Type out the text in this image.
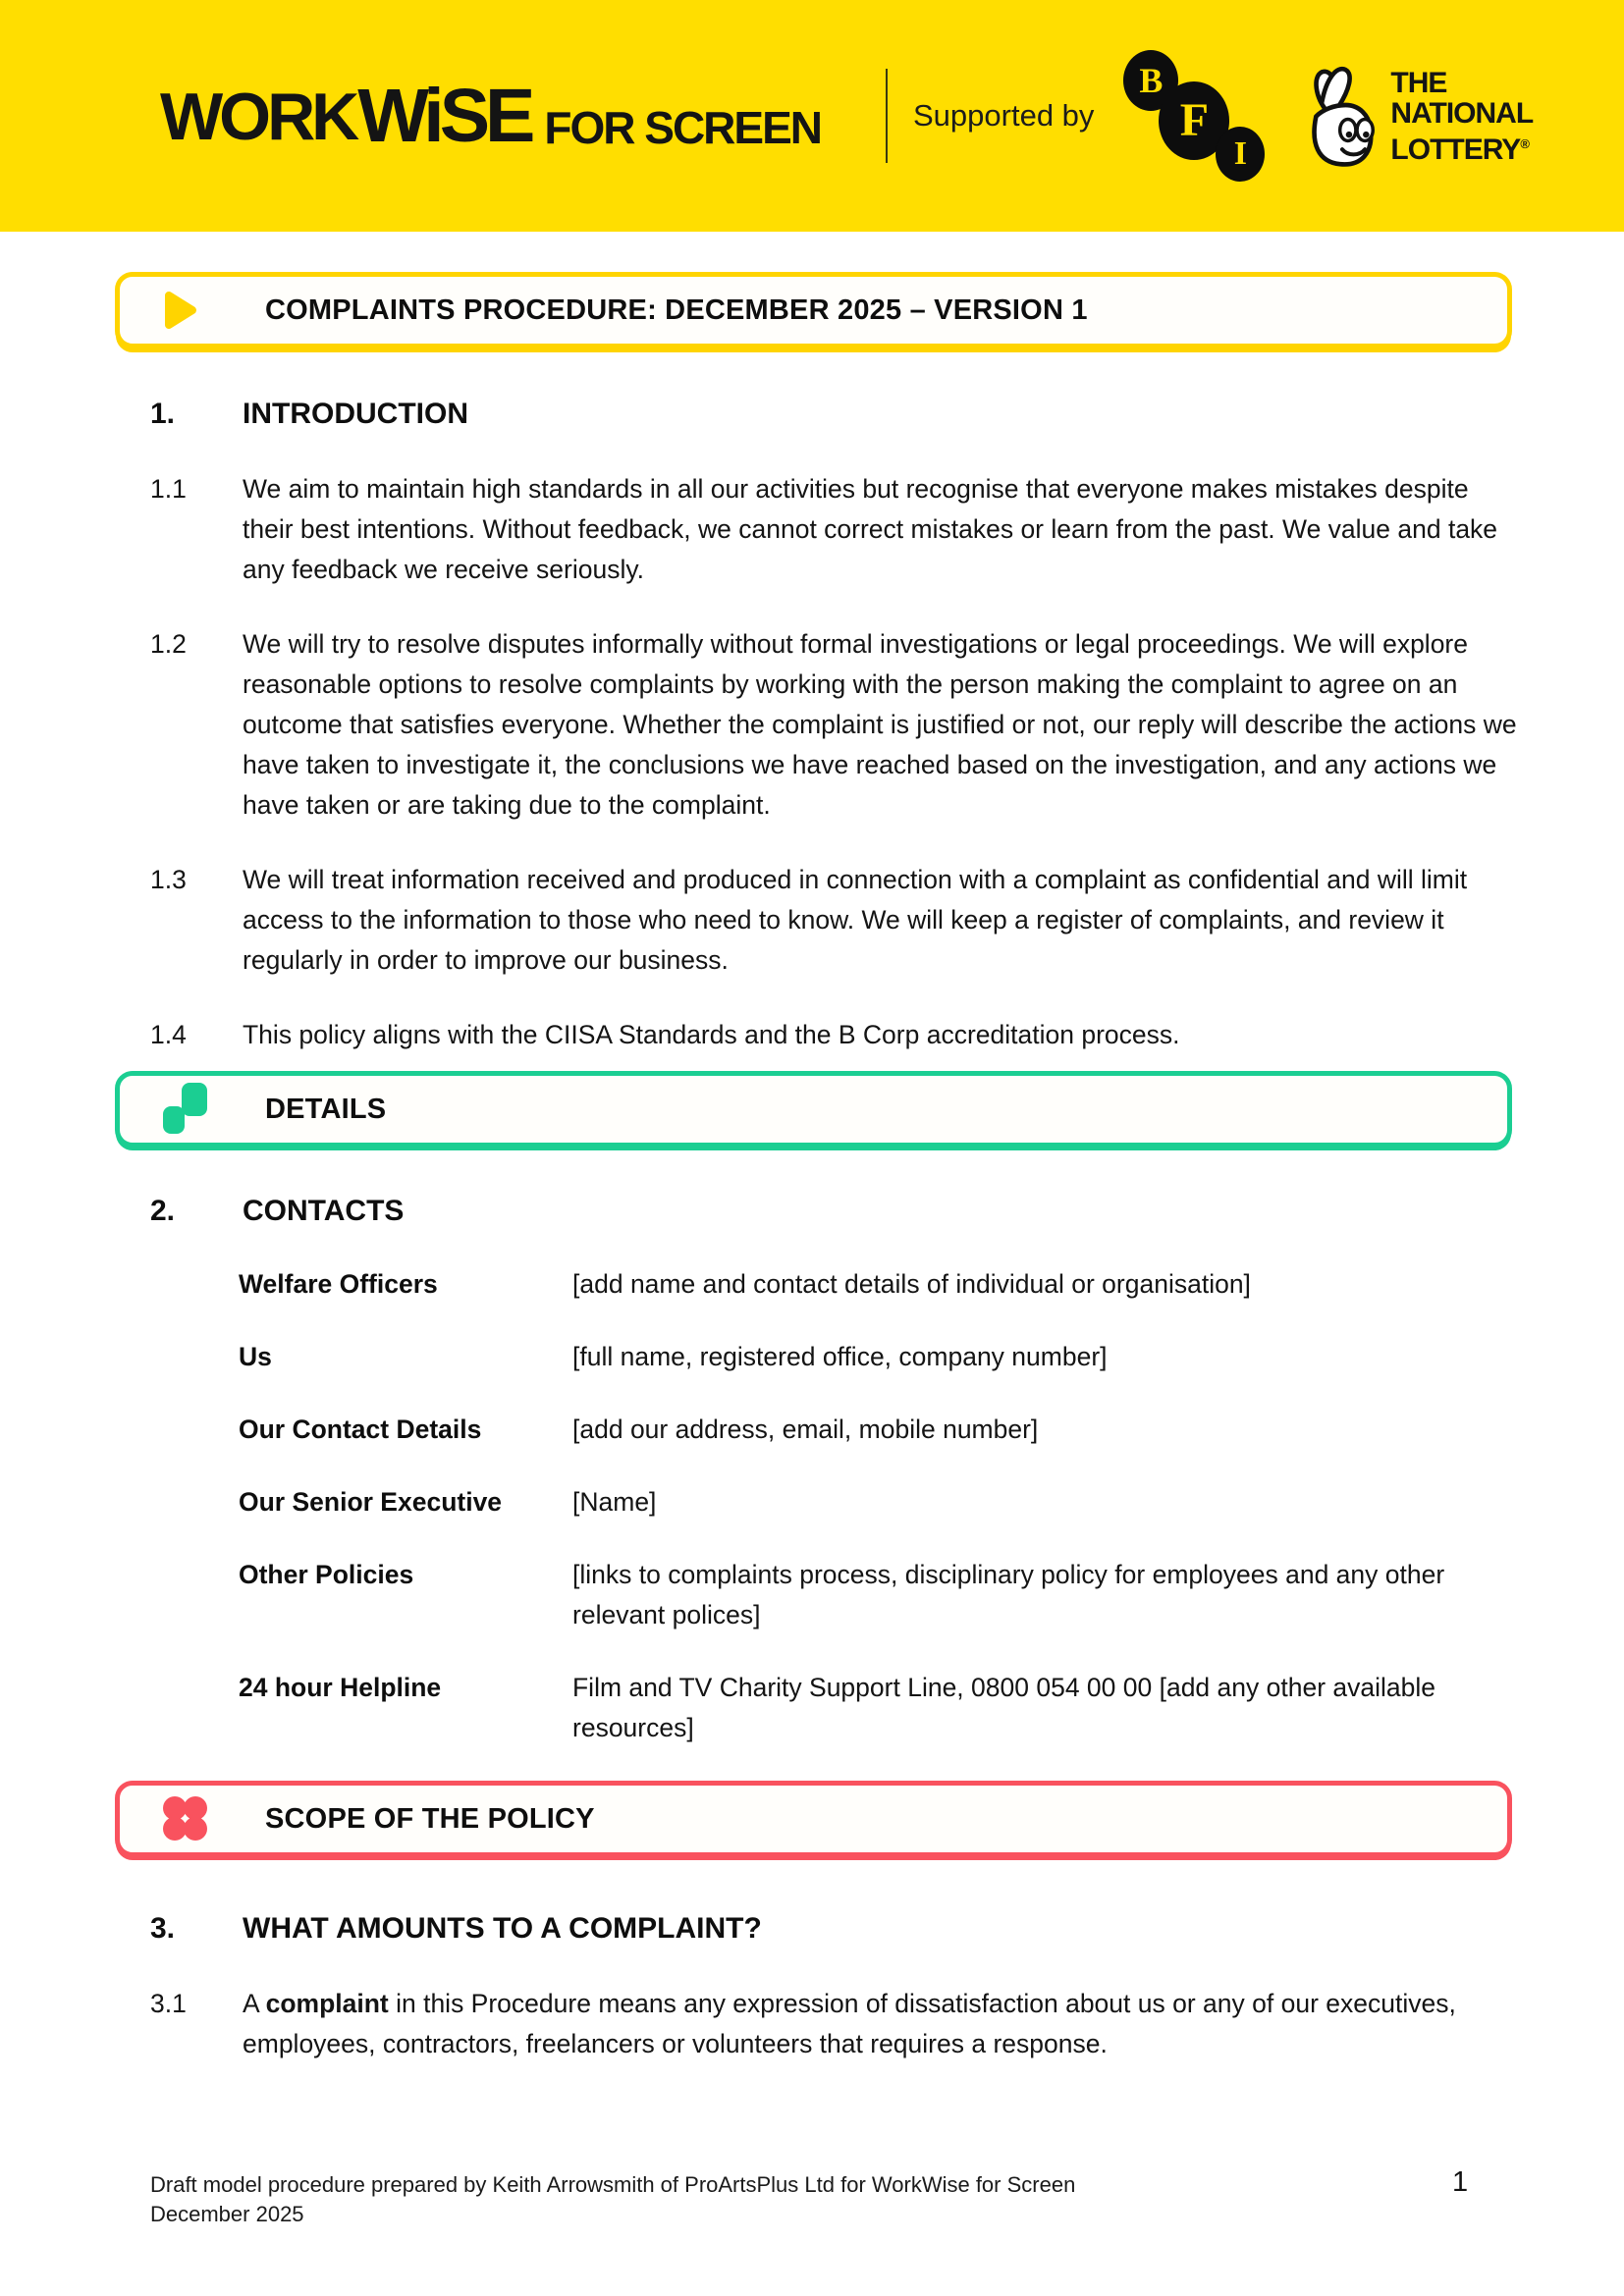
WORK WiSE FOR SCREEN	Supported by
B
F
I
THE
NATIONAL
LOTTERY®
COMPLAINTS PROCEDURE: DECEMBER 2025 – VERSION 1
1.	INTRODUCTION
1.1	We aim to maintain high standards in all our activities but recognise that everyone makes mistakes despite their best intentions. Without feedback, we cannot correct mistakes or learn from the past. We value and take any feedback we receive seriously.
1.2	We will try to resolve disputes informally without formal investigations or legal proceedings. We will explore reasonable options to resolve complaints by working with the person making the complaint to agree on an outcome that satisfies everyone. Whether the complaint is justified or not, our reply will describe the actions we have taken to investigate it, the conclusions we have reached based on the investigation, and any actions we have taken or are taking due to the complaint.
1.3	We will treat information received and produced in connection with a complaint as confidential and will limit access to the information to those who need to know. We will keep a register of complaints, and review it regularly in order to improve our business.
1.4	This policy aligns with the CIISA Standards and the B Corp accreditation process.
DETAILS
2.	CONTACTS
Welfare Officers	[add name and contact details of individual or organisation]
Us	[full name, registered office, company number]
Our Contact Details	[add our address, email, mobile number]
Our Senior Executive	[Name]
Other Policies	[links to complaints process, disciplinary policy for employees and any other relevant polices]
24 hour Helpline	Film and TV Charity Support Line, 0800 054 00 00 [add any other available resources]
SCOPE OF THE POLICY
3.	WHAT AMOUNTS TO A COMPLAINT?
3.1	A complaint in this Procedure means any expression of dissatisfaction about us or any of our executives, employees, contractors, freelancers or volunteers that requires a response.
Draft model procedure prepared by Keith Arrowsmith of ProArtsPlus Ltd for WorkWise for Screen
December 2025
1
